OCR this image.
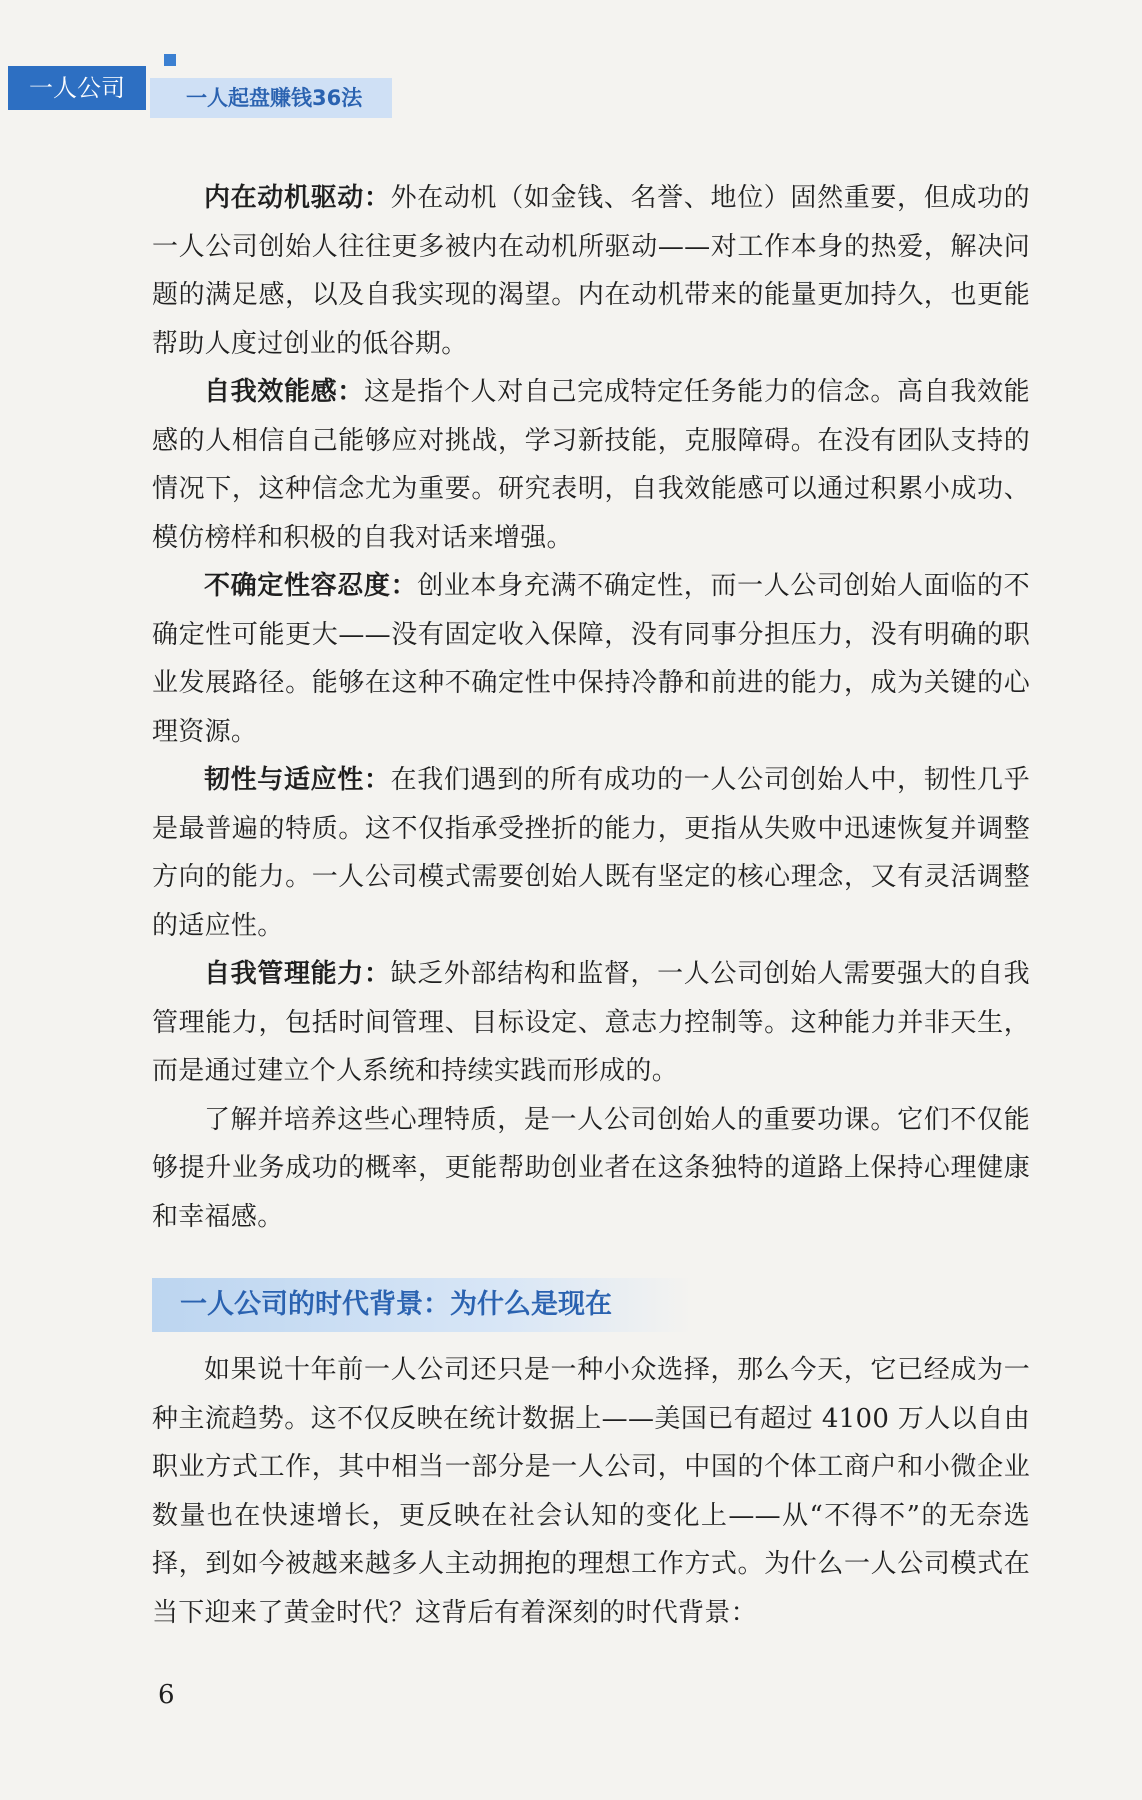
一人公司	一人起盘赚钱36法

内在动机驱动：外在动机（如金钱、名誉、地位）固然重要，但成功的一人公司创始人往往更多被内在动机所驱动——对工作本身的热爱，解决问题的满足感，以及自我实现的渴望。内在动机带来的能量更加持久，也更能帮助人度过创业的低谷期。

自我效能感：这是指个人对自己完成特定任务能力的信念。高自我效能感的人相信自己能够应对挑战，学习新技能，克服障碍。在没有团队支持的情况下，这种信念尤为重要。研究表明，自我效能感可以通过积累小成功、模仿榜样和积极的自我对话来增强。

不确定性容忍度：创业本身充满不确定性，而一人公司创始人面临的不确定性可能更大——没有固定收入保障，没有同事分担压力，没有明确的职业发展路径。能够在这种不确定性中保持冷静和前进的能力，成为关键的心理资源。

韧性与适应性：在我们遇到的所有成功的一人公司创始人中，韧性几乎是最普遍的特质。这不仅指承受挫折的能力，更指从失败中迅速恢复并调整方向的能力。一人公司模式需要创始人既有坚定的核心理念，又有灵活调整的适应性。

自我管理能力：缺乏外部结构和监督，一人公司创始人需要强大的自我管理能力，包括时间管理、目标设定、意志力控制等。这种能力并非天生，而是通过建立个人系统和持续实践而形成的。

了解并培养这些心理特质，是一人公司创始人的重要功课。它们不仅能够提升业务成功的概率，更能帮助创业者在这条独特的道路上保持心理健康和幸福感。

一人公司的时代背景：为什么是现在

如果说十年前一人公司还只是一种小众选择，那么今天，它已经成为一种主流趋势。这不仅反映在统计数据上——美国已有超过 4100 万人以自由职业方式工作，其中相当一部分是一人公司，中国的个体工商户和小微企业数量也在快速增长，更反映在社会认知的变化上——从“不得不”的无奈选择，到如今被越来越多人主动拥抱的理想工作方式。为什么一人公司模式在当下迎来了黄金时代？这背后有着深刻的时代背景：

6
